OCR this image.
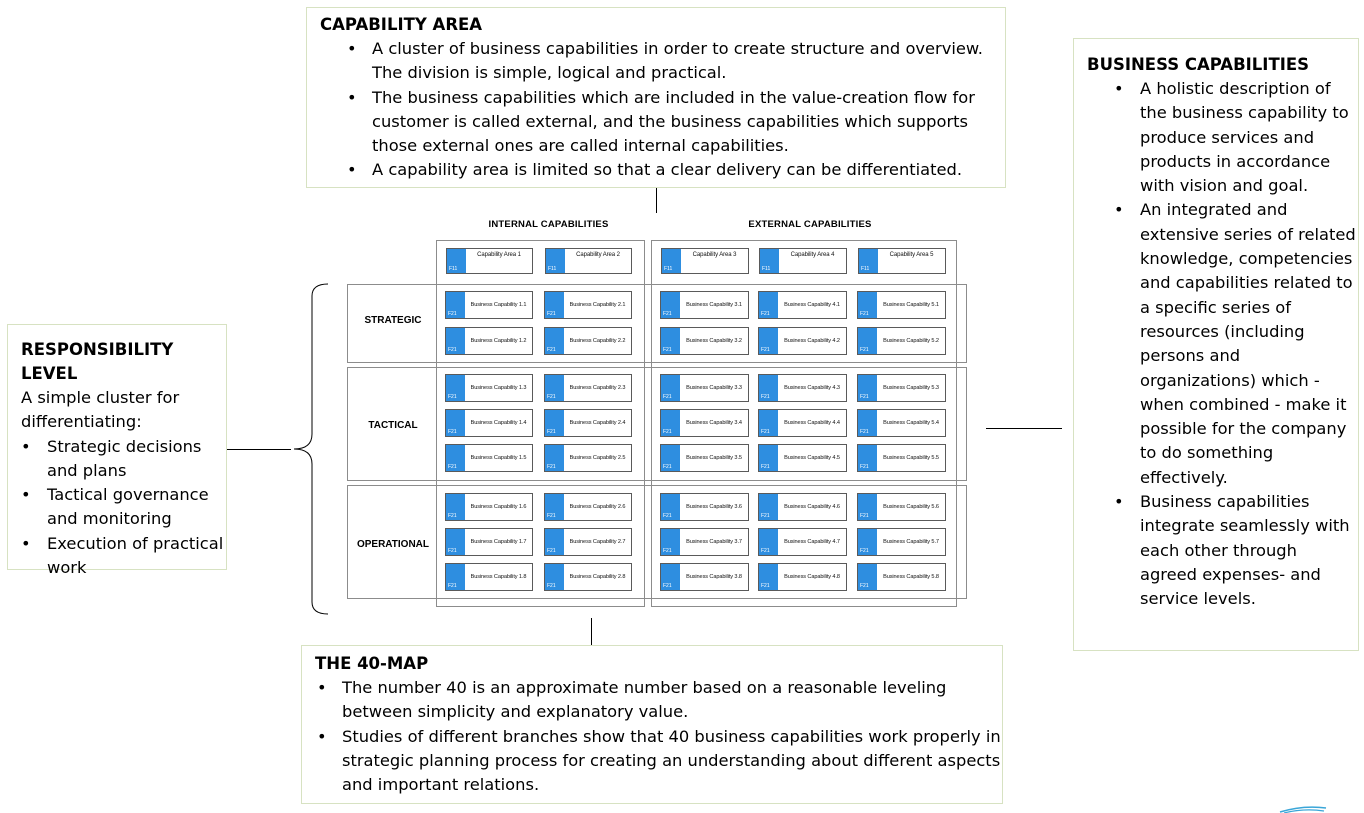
CAPABILITY AREA
• A cluster of business capabilities in order to create structure and overview. The division is simple, logical and practical.
• The business capabilities which are included in the value-creation flow for customer is called external, and the business capabilities which supports those external ones are called internal capabilities.
• A capability area is limited so that a clear delivery can be differentiated.
RESPONSIBILITY LEVEL
A simple cluster for differentiating:
• Strategic decisions and plans
• Tactical governance and monitoring
• Execution of practical work
BUSINESS CAPABILITIES
• A holistic description of the business capability to produce services and products in accordance with vision and goal.
• An integrated and extensive series of related knowledge, competencies and capabilities related to a specific series of resources (including persons and organizations) which - when combined - make it possible for the company to do something effectively.
• Business capabilities integrate seamlessly with each other through agreed expenses- and service levels.
THE 40-MAP
• The number 40 is an approximate number based on a reasonable leveling between simplicity and explanatory value.
• Studies of different branches show that 40 business capabilities work properly in strategic planning process for creating an understanding about different aspects and important relations.
INTERNAL CAPABILITIES	EXTERNAL CAPABILITIES
STRATEGIC
TACTICAL
OPERATIONAL
F11
Capability Area 1
F21
Business Capability 1.1
F21
Business Capability 1.2
F21
Business Capability 1.3
F21
Business Capability 1.4
F21
Business Capability 1.5
F21
Business Capability 1.6
F21
Business Capability 1.7
F21
Business Capability 1.8
F11
Capability Area 2
F21
Business Capability 2.1
F21
Business Capability 2.2
F21
Business Capability 2.3
F21
Business Capability 2.4
F21
Business Capability 2.5
F21
Business Capability 2.6
F21
Business Capability 2.7
F21
Business Capability 2.8
F11
Capability Area 3
F21
Business Capability 3.1
F21
Business Capability 3.2
F21
Business Capability 3.3
F21
Business Capability 3.4
F21
Business Capability 3.5
F21
Business Capability 3.6
F21
Business Capability 3.7
F21
Business Capability 3.8
F11
Capability Area 4
F21
Business Capability 4.1
F21
Business Capability 4.2
F21
Business Capability 4.3
F21
Business Capability 4.4
F21
Business Capability 4.5
F21
Business Capability 4.6
F21
Business Capability 4.7
F21
Business Capability 4.8
F11
Capability Area 5
F21
Business Capability 5.1
F21
Business Capability 5.2
F21
Business Capability 5.3
F21
Business Capability 5.4
F21
Business Capability 5.5
F21
Business Capability 5.6
F21
Business Capability 5.7
F21
Business Capability 5.8
